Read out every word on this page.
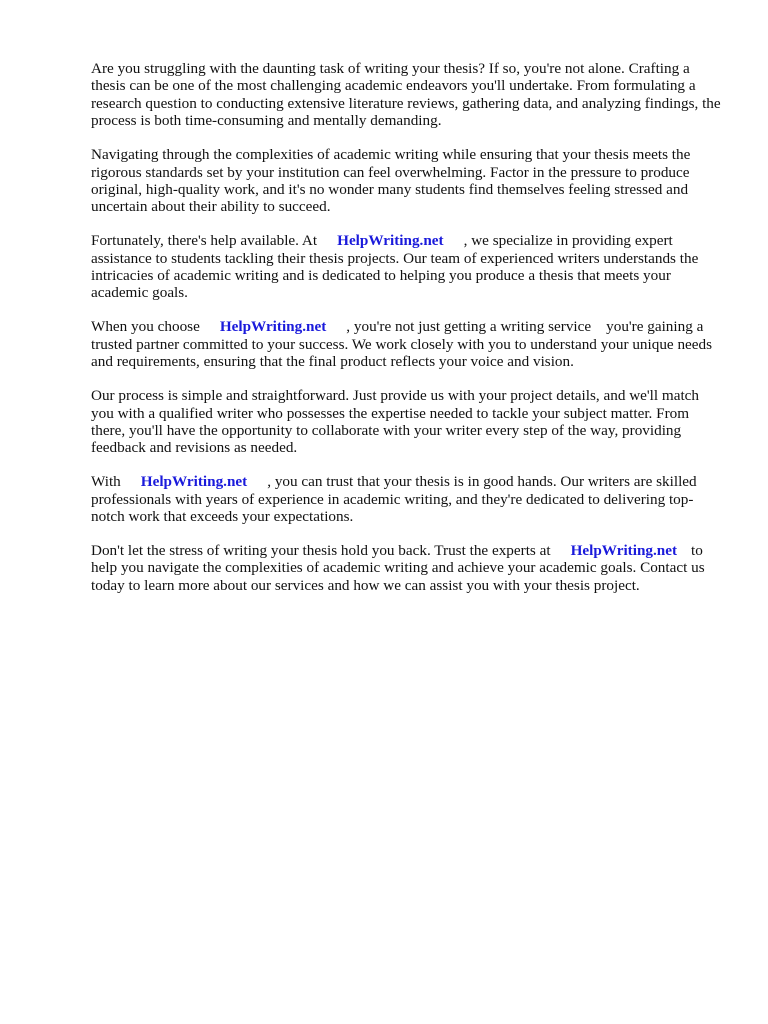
Are you struggling with the daunting task of writing your thesis? If so, you're not alone. Crafting a thesis can be one of the most challenging academic endeavors you'll undertake. From formulating a research question to conducting extensive literature reviews, gathering data, and analyzing findings, the process is both time-consuming and mentally demanding.

Navigating through the complexities of academic writing while ensuring that your thesis meets the rigorous standards set by your institution can feel overwhelming. Factor in the pressure to produce original, high-quality work, and it's no wonder many students find themselves feeling stressed and uncertain about their ability to succeed.

Fortunately, there's help available. At HelpWriting.net , we specialize in providing expert assistance to students tackling their thesis projects. Our team of experienced writers understands the intricacies of academic writing and is dedicated to helping you produce a thesis that meets your academic goals.

When you choose HelpWriting.net , you're not just getting a writing service you're gaining a trusted partner committed to your success. We work closely with you to understand your unique needs and requirements, ensuring that the final product reflects your voice and vision.

Our process is simple and straightforward. Just provide us with your project details, and we'll match you with a qualified writer who possesses the expertise needed to tackle your subject matter. From there, you'll have the opportunity to collaborate with your writer every step of the way, providing feedback and revisions as needed.

With HelpWriting.net , you can trust that your thesis is in good hands. Our writers are skilled professionals with years of experience in academic writing, and they're dedicated to delivering top-notch work that exceeds your expectations.

Don't let the stress of writing your thesis hold you back. Trust the experts at HelpWriting.net to help you navigate the complexities of academic writing and achieve your academic goals. Contact us today to learn more about our services and how we can assist you with your thesis project.
